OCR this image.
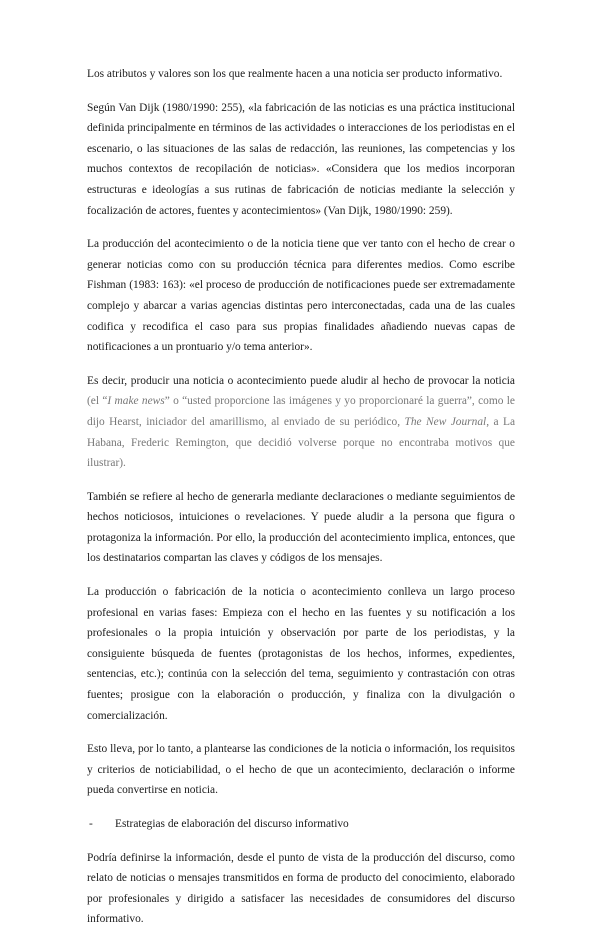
Los atributos y valores son los que realmente hacen a una noticia ser producto informativo.

Según Van Dijk (1980/1990: 255), «la fabricación de las noticias es una práctica institucional definida principalmente en términos de las actividades o interacciones de los periodistas en el escenario, o las situaciones de las salas de redacción, las reuniones, las competencias y los muchos contextos de recopilación de noticias». «Considera que los medios incorporan estructuras e ideologías a sus rutinas de fabricación de noticias mediante la selección y focalización de actores, fuentes y acontecimientos» (Van Dijk, 1980/1990: 259).

La producción del acontecimiento o de la noticia tiene que ver tanto con el hecho de crear o generar noticias como con su producción técnica para diferentes medios. Como escribe Fishman (1983: 163): «el proceso de producción de notificaciones puede ser extremadamente complejo y abarcar a varias agencias distintas pero interconectadas, cada una de las cuales codifica y recodifica el caso para sus propias finalidades añadiendo nuevas capas de notificaciones a un prontuario y/o tema anterior».

Es decir, producir una noticia o acontecimiento puede aludir al hecho de provocar la noticia (el “I make news” o “usted proporcione las imágenes y yo proporcionaré la guerra”, como le dijo Hearst, iniciador del amarillismo, al enviado de su periódico, The New Journal, a La Habana, Frederic Remington, que decidió volverse porque no encontraba motivos que ilustrar).

También se refiere al hecho de generarla mediante declaraciones o mediante seguimientos de hechos noticiosos, intuiciones o revelaciones. Y puede aludir a la persona que figura o protagoniza la información. Por ello, la producción del acontecimiento implica, entonces, que los destinatarios compartan las claves y códigos de los mensajes.

La producción o fabricación de la noticia o acontecimiento conlleva un largo proceso profesional en varias fases: Empieza con el hecho en las fuentes y su notificación a los profesionales o la propia intuición y observación por parte de los periodistas, y la consiguiente búsqueda de fuentes (protagonistas de los hechos, informes, expedientes, sentencias, etc.); continúa con la selección del tema, seguimiento y contrastación con otras fuentes; prosigue con la elaboración o producción, y finaliza con la divulgación o comercialización.

Esto lleva, por lo tanto, a plantearse las condiciones de la noticia o información, los requisitos y criterios de noticiabilidad, o el hecho de que un acontecimiento, declaración o informe pueda convertirse en noticia.

-	Estrategias de elaboración del discurso informativo

Podría definirse la información, desde el punto de vista de la producción del discurso, como relato de noticias o mensajes transmitidos en forma de producto del conocimiento, elaborado por profesionales y dirigido a satisfacer las necesidades de consumidores del discurso informativo.
